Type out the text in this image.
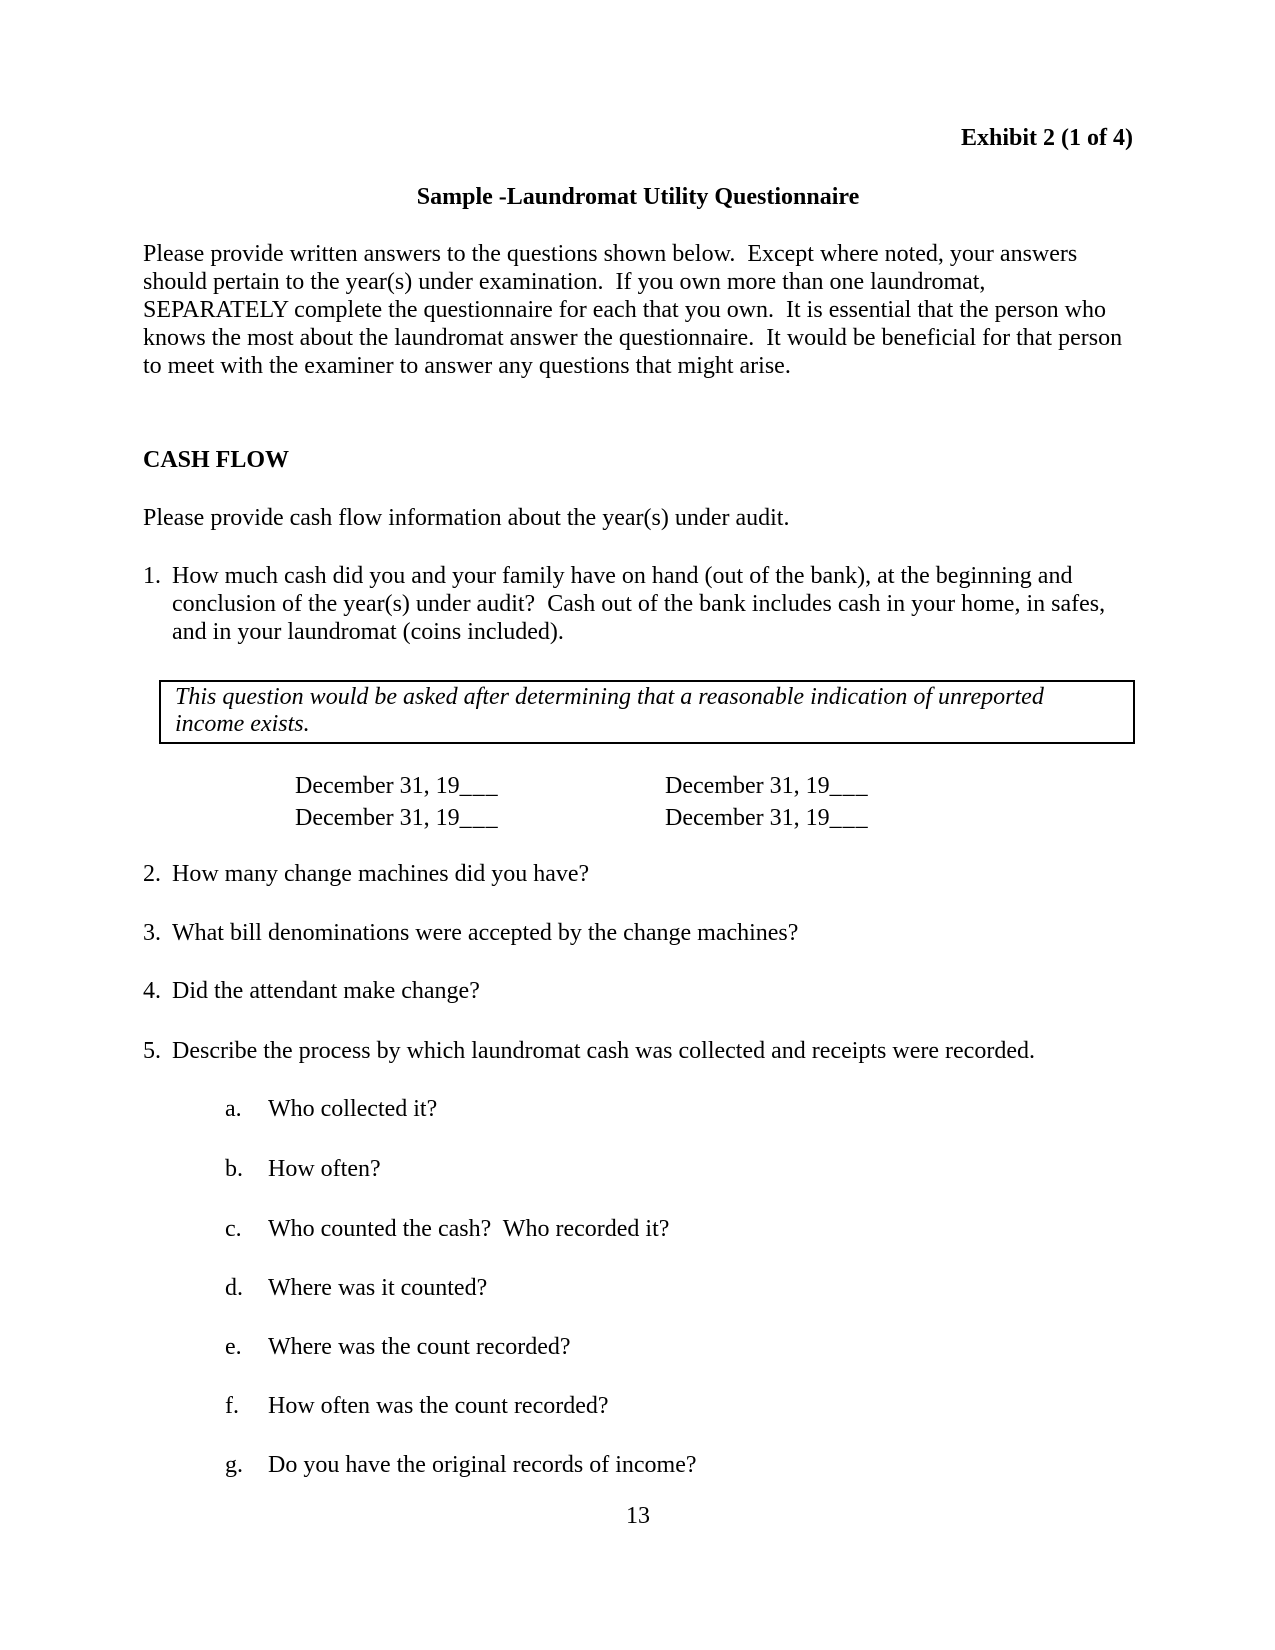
Exhibit 2 (1 of 4)
Sample -Laundromat Utility Questionnaire
Please provide written answers to the questions shown below.  Except where noted, your answers should pertain to the year(s) under examination.  If you own more than one laundromat, SEPARATELY complete the questionnaire for each that you own.  It is essential that the person who knows the most about the laundromat answer the questionnaire.  It would be beneficial for that person to meet with the examiner to answer any questions that might arise.
CASH FLOW
Please provide cash flow information about the year(s) under audit.
1. How much cash did you and your family have on hand (out of the bank), at the beginning and conclusion of the year(s) under audit?  Cash out of the bank includes cash in your home, in safes, and in your laundromat (coins included).
This question would be asked after determining that a reasonable indication of unreported income exists.
December 31, 19___	December 31, 19___
December 31, 19___	December 31, 19___
2. How many change machines did you have?
3. What bill denominations were accepted by the change machines?
4. Did the attendant make change?
5. Describe the process by which laundromat cash was collected and receipts were recorded.
a.	Who collected it?
b.	How often?
c.	Who counted the cash?  Who recorded it?
d.	Where was it counted?
e.	Where was the count recorded?
f.	How often was the count recorded?
g.	Do you have the original records of income?
13
